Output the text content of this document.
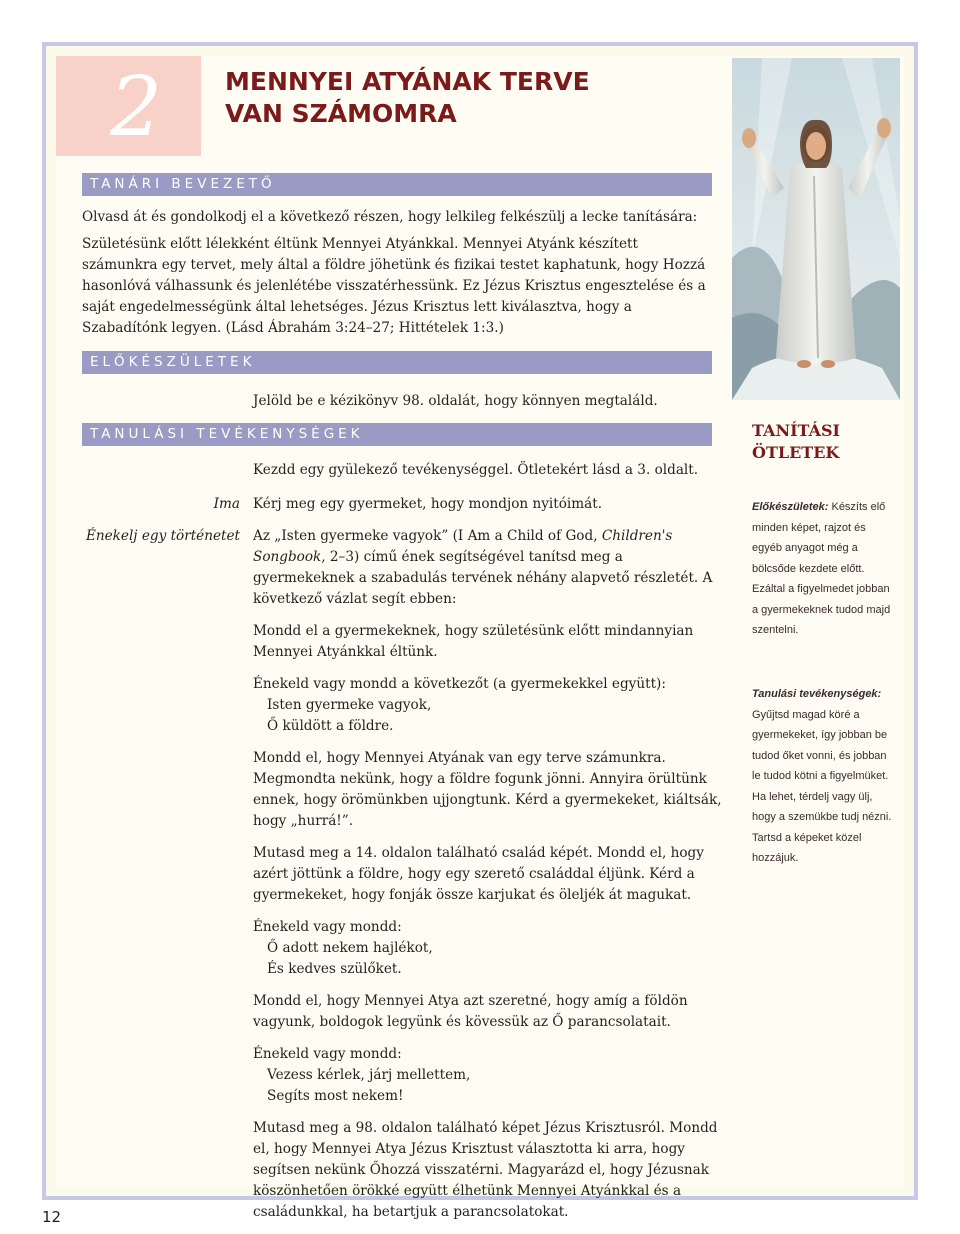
2	MENNYEI ATYÁNAK TERVE
VAN SZÁMOMRA
TANÁRI BEVEZETŐ

Olvasd át és gondolkodj el a következő részen, hogy lelkileg felkészülj a lecke tanítására:

Születésünk előtt lélekként éltünk Mennyei Atyánkkal. Mennyei Atyánk készített számunkra egy tervet, mely által a földre jöhetünk és fizikai testet kaphatunk, hogy Hozzá hasonlóvá válhassunk és jelenlétébe visszatérhessünk. Ez Jézus Krisztus engesztelése és a saját engedelmességünk által lehetséges. Jézus Krisztus lett kiválasztva, hogy a Szabadítónk legyen. (Lásd Ábrahám 3:24–27; Hittételek 1:3.)

ELŐKÉSZÜLETEK
Jelöld be e kézikönyv 98. oldalát, hogy könnyen megtaláld.
TANULÁSI TEVÉKENYSÉGEK
Kezdd egy gyülekező tevékenységgel. Ötletekért lásd a 3. oldalt.
Ima Kérj meg egy gyermeket, hogy mondjon nyitóimát.
Énekelj egy történetet Az „Isten gyermeke vagyok” (I Am a Child of God, Children's Songbook, 2–3) című ének segítségével tanítsd meg a gyermekeknek a szabadulás tervének néhány alapvető részletét. A következő vázlat segít ebben:

Mondd el a gyermekeknek, hogy születésünk előtt mindannyian Mennyei Atyánkkal éltünk.

Énekeld vagy mondd a következőt (a gyermekekkel együtt):
Isten gyermeke vagyok,
Ő küldött a földre.

Mondd el, hogy Mennyei Atyának van egy terve számunkra. Megmondta nekünk, hogy a földre fogunk jönni. Annyira örültünk ennek, hogy örömünkben ujjongtunk. Kérd a gyermekeket, kiáltsák, hogy „hurrá!”.

Mutasd meg a 14. oldalon található család képét. Mondd el, hogy azért jöttünk a földre, hogy egy szerető családdal éljünk. Kérd a gyermekeket, hogy fonják össze karjukat és öleljék át magukat.

Énekeld vagy mondd:
Ő adott nekem hajlékot,
És kedves szülőket.

Mondd el, hogy Mennyei Atya azt szeretné, hogy amíg a földön vagyunk, boldogok legyünk és kövessük az Ő parancsolatait.

Énekeld vagy mondd:
Vezess kérlek, járj mellettem,
Segíts most nekem!

Mutasd meg a 98. oldalon található képet Jézus Krisztusról. Mondd el, hogy Mennyei Atya Jézus Krisztust választotta ki arra, hogy segítsen nekünk Őhozzá visszatérni. Magyarázd el, hogy Jézusnak köszönhetően örökké együtt élhetünk Mennyei Atyánkkal és a családunkkal, ha betartjuk a parancsolatokat.

TANÍTÁSI
ÖTLETEK
Előkészületek: Készíts elő minden képet, rajzot és egyéb anyagot még a bölcsőde kezdete előtt. Ezáltal a figyelmedet jobban a gyermekeknek tudod majd szentelni.
Tanulási tevékenységek: Gyűjtsd magad köré a gyermekeket, így jobban be tudod őket vonni, és jobban le tudod kötni a figyelmüket. Ha lehet, térdelj vagy ülj, hogy a szemükbe tudj nézni. Tartsd a képeket közel hozzájuk.
12
